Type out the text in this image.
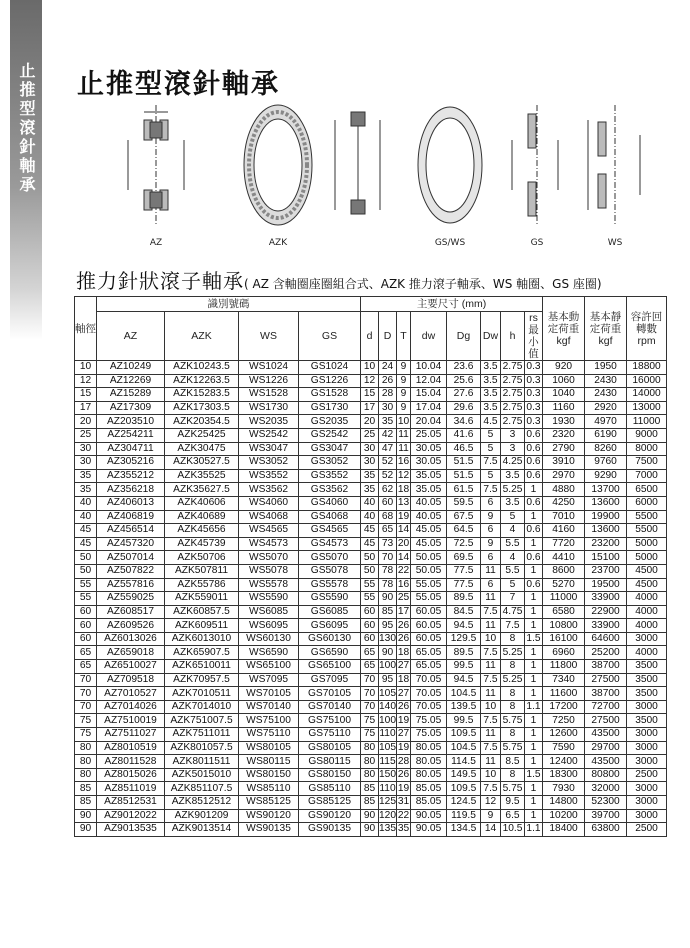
止推型滾針軸承 止推型滾針軸承
AZ	AZK	GS/WS	GS	WS
推力針狀滾子軸承( AZ 含軸圈座圈組合式、AZK 推力滾子軸承、WS 軸圈、GS 座圈)
軸徑	識別號碼				主要尺寸 (mm)								基本動定荷重kgf	基本靜定荷重kgf	容許回轉數rpm
	AZ	AZK	WS	GS	d	D	T	dw	Dg	Dw	h	rs最小值			
10	AZ10249	AZK10243.5	WS1024	GS1024	10	24	9	10.04	23.6	3.5	2.75	0.3	920	1950	18800
12	AZ12269	AZK12263.5	WS1226	GS1226	12	26	9	12.04	25.6	3.5	2.75	0.3	1060	2430	16000
15	AZ15289	AZK15283.5	WS1528	GS1528	15	28	9	15.04	27.6	3.5	2.75	0.3	1040	2430	14000
17	AZ17309	AZK17303.5	WS1730	GS1730	17	30	9	17.04	29.6	3.5	2.75	0.3	1160	2920	13000
20	AZ203510	AZK20354.5	WS2035	GS2035	20	35	10	20.04	34.6	4.5	2.75	0.3	1930	4970	11000
25	AZ254211	AZK25425	WS2542	GS2542	25	42	11	25.05	41.6	5	3	0.6	2320	6190	9000
30	AZ304711	AZK30475	WS3047	GS3047	30	47	11	30.05	46.5	5	3	0.6	2790	8260	8000
30	AZ305216	AZK30527.5	WS3052	GS3052	30	52	16	30.05	51.5	7.5	4.25	0.6	3910	9760	7500
35	AZ355212	AZK35525	WS3552	GS3552	35	52	12	35.05	51.5	5	3.5	0.6	2970	9290	7000
35	AZ356218	AZK35627.5	WS3562	GS3562	35	62	18	35.05	61.5	7.5	5.25	1	4880	13700	6500
40	AZ406013	AZK40606	WS4060	GS4060	40	60	13	40.05	59.5	6	3.5	0.6	4250	13600	6000
40	AZ406819	AZK40689	WS4068	GS4068	40	68	19	40.05	67.5	9	5	1	7010	19900	5500
45	AZ456514	AZK45656	WS4565	GS4565	45	65	14	45.05	64.5	6	4	0.6	4160	13600	5500
45	AZ457320	AZK45739	WS4573	GS4573	45	73	20	45.05	72.5	9	5.5	1	7720	23200	5000
50	AZ507014	AZK50706	WS5070	GS5070	50	70	14	50.05	69.5	6	4	0.6	4410	15100	5000
50	AZ507822	AZK507811	WS5078	GS5078	50	78	22	50.05	77.5	11	5.5	1	8600	23700	4500
55	AZ557816	AZK55786	WS5578	GS5578	55	78	16	55.05	77.5	6	5	0.6	5270	19500	4500
55	AZ559025	AZK559011	WS5590	GS5590	55	90	25	55.05	89.5	11	7	1	11000	33900	4000
60	AZ608517	AZK60857.5	WS6085	GS6085	60	85	17	60.05	84.5	7.5	4.75	1	6580	22900	4000
60	AZ609526	AZK609511	WS6095	GS6095	60	95	26	60.05	94.5	11	7.5	1	10800	33900	4000
60	AZ6013026	AZK6013010	WS60130	GS60130	60	130	26	60.05	129.5	10	8	1.5	16100	64600	3000
65	AZ659018	AZK65907.5	WS6590	GS6590	65	90	18	65.05	89.5	7.5	5.25	1	6960	25200	4000
65	AZ6510027	AZK6510011	WS65100	GS65100	65	100	27	65.05	99.5	11	8	1	11800	38700	3500
70	AZ709518	AZK70957.5	WS7095	GS7095	70	95	18	70.05	94.5	7.5	5.25	1	7340	27500	3500
70	AZ7010527	AZK7010511	WS70105	GS70105	70	105	27	70.05	104.5	11	8	1	11600	38700	3500
70	AZ7014026	AZK7014010	WS70140	GS70140	70	140	26	70.05	139.5	10	8	1.1	17200	72700	3000
75	AZ7510019	AZK751007.5	WS75100	GS75100	75	100	19	75.05	99.5	7.5	5.75	1	7250	27500	3500
75	AZ7511027	AZK7511011	WS75110	GS75110	75	110	27	75.05	109.5	11	8	1	12600	43500	3000
80	AZ8010519	AZK801057.5	WS80105	GS80105	80	105	19	80.05	104.5	7.5	5.75	1	7590	29700	3000
80	AZ8011528	AZK8011511	WS80115	GS80115	80	115	28	80.05	114.5	11	8.5	1	12400	43500	3000
80	AZ8015026	AZK5015010	WS80150	GS80150	80	150	26	80.05	149.5	10	8	1.5	18300	80800	2500
85	AZ8511019	AZK851107.5	WS85110	GS85110	85	110	19	85.05	109.5	7.5	5.75	1	7930	32000	3000
85	AZ8512531	AZK8512512	WS85125	GS85125	85	125	31	85.05	124.5	12	9.5	1	14800	52300	3000
90	AZ9012022	AZK901209	WS90120	GS90120	90	120	22	90.05	119.5	9	6.5	1	10200	39700	3000
90	AZ9013535	AZK9013514	WS90135	GS90135	90	135	35	90.05	134.5	14	10.5	1.1	18400	63800	2500
